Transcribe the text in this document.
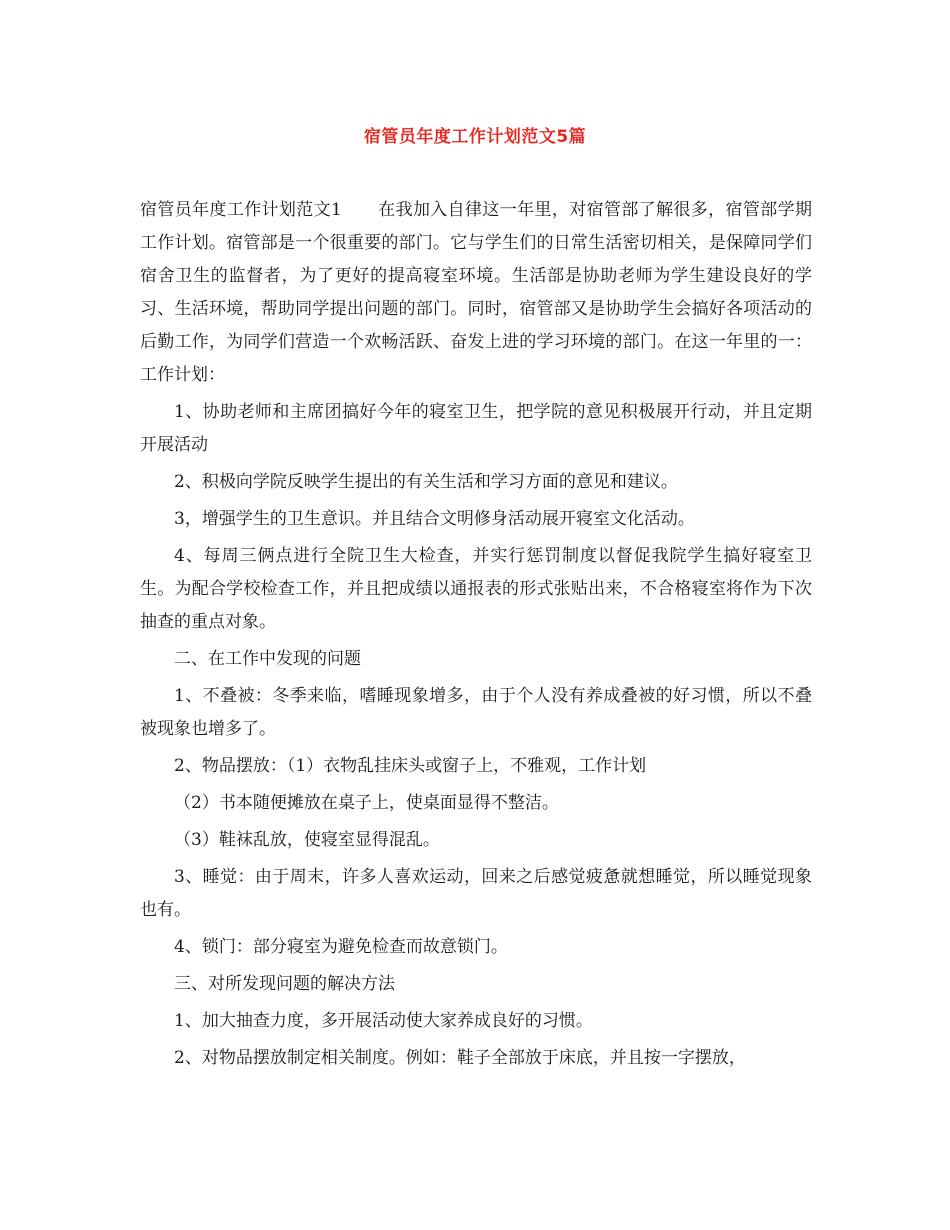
宿管员年度工作计划范文5篇

宿管员年度工作计划范文1 在我加入自律这一年里，对宿管部了解很多，宿管部学期工作计划。宿管部是一个很重要的部门。它与学生们的日常生活密切相关，是保障同学们宿舍卫生的监督者，为了更好的提高寝室环境。生活部是协助老师为学生建设良好的学习、生活环境，帮助同学提出问题的部门。同时，宿管部又是协助学生会搞好各项活动的后勤工作，为同学们营造一个欢畅活跃、奋发上进的学习环境的部门。在这一年里的一：工作计划：

1、协助老师和主席团搞好今年的寝室卫生，把学院的意见积极展开行动，并且定期开展活动

2、积极向学院反映学生提出的有关生活和学习方面的意见和建议。

3，增强学生的卫生意识。并且结合文明修身活动展开寝室文化活动。

4、每周三俩点进行全院卫生大检查，并实行惩罚制度以督促我院学生搞好寝室卫生。为配合学校检查工作，并且把成绩以通报表的形式张贴出来，不合格寝室将作为下次抽查的重点对象。

二、在工作中发现的问题

1、不叠被：冬季来临，嗜睡现象增多，由于个人没有养成叠被的好习惯，所以不叠被现象也增多了。

2、物品摆放：（1）衣物乱挂床头或窗子上，不雅观，工作计划

（2）书本随便摊放在桌子上，使桌面显得不整洁。

（3）鞋袜乱放，使寝室显得混乱。

3、睡觉：由于周末，许多人喜欢运动，回来之后感觉疲惫就想睡觉，所以睡觉现象也有。

4、锁门：部分寝室为避免检查而故意锁门。

三、对所发现问题的解决方法

1、加大抽查力度，多开展活动使大家养成良好的习惯。

2、对物品摆放制定相关制度。例如：鞋子全部放于床底，并且按一字摆放，
